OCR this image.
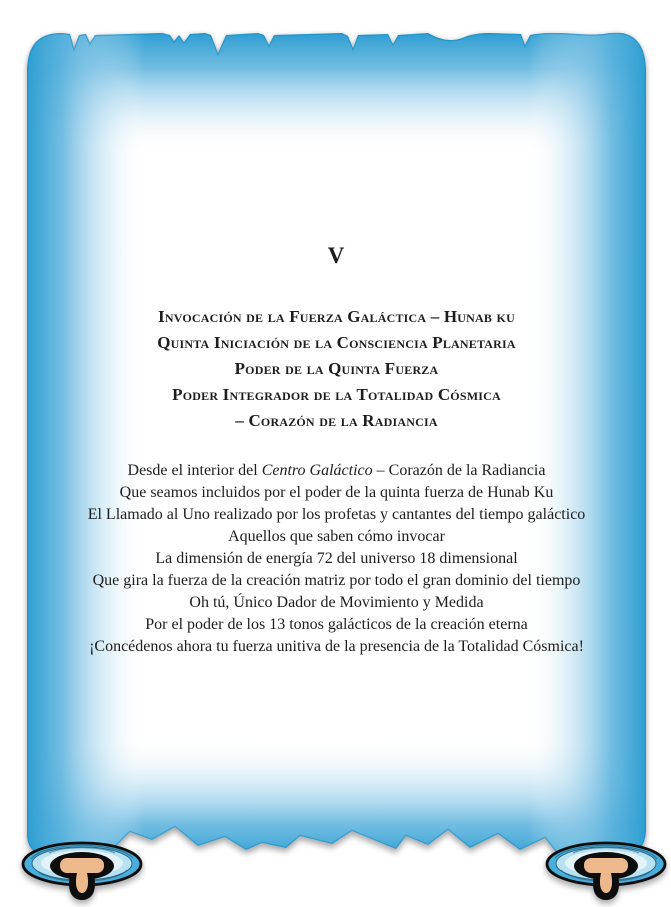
V
Invocación de la Fuerza Galáctica – Hunab ku
Quinta Iniciación de la Consciencia Planetaria
Poder de la Quinta Fuerza
Poder Integrador de la Totalidad Cósmica
– Corazón de la Radiancia
Desde el interior del Centro Galáctico – Corazón de la Radiancia
Que seamos incluidos por el poder de la quinta fuerza de Hunab Ku
El Llamado al Uno realizado por los profetas y cantantes del tiempo galáctico
Aquellos que saben cómo invocar
La dimensión de energía 72 del universo 18 dimensional
Que gira la fuerza de la creación matriz por todo el gran dominio del tiempo
Oh tú, Único Dador de Movimiento y Medida
Por el poder de los 13 tonos galácticos de la creación eterna
¡Concédenos ahora tu fuerza unitiva de la presencia de la Totalidad Cósmica!
